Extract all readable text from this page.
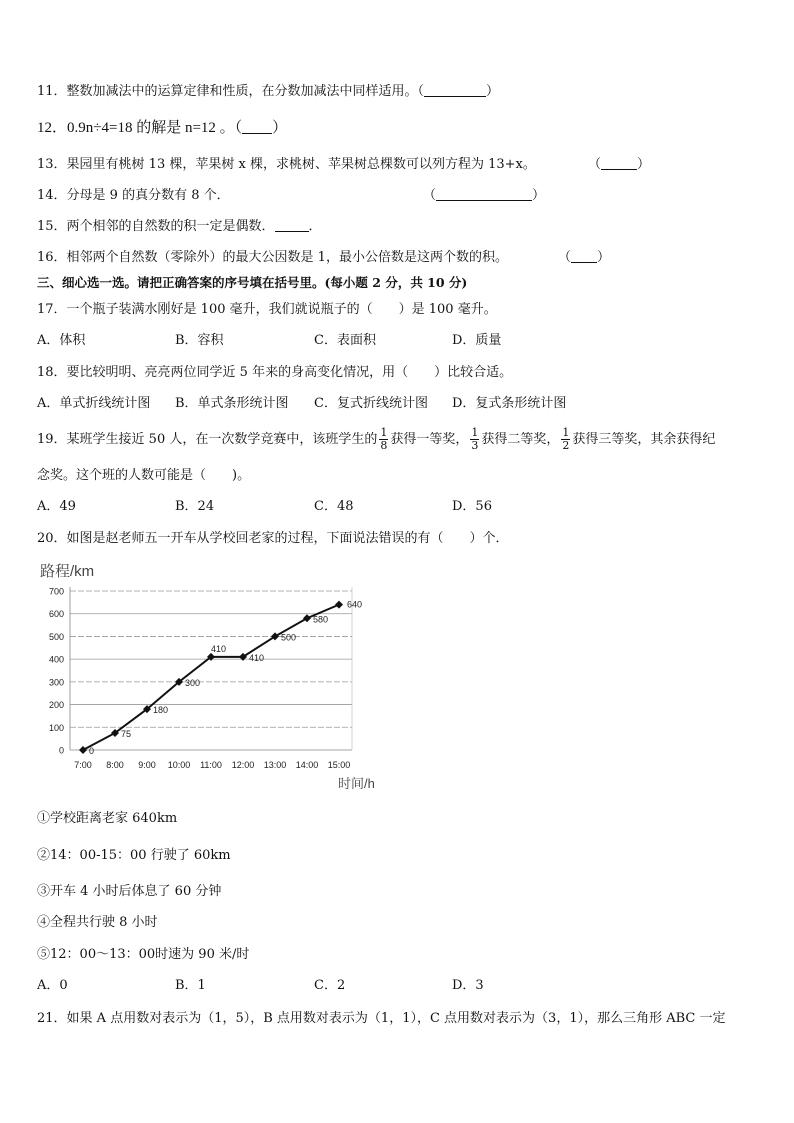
11．整数加减法中的运算定律和性质，在分数加减法中同样适用。（	）
12．0.9n÷4=18 的解是 n=12 。（ ）
13．果园里有桃树 13 棵，苹果树 x 棵，求桃树、苹果树总棵数可以列方程为 13+x。	（	）
14．分母是 9 的真分数有 8 个．	（	）
15．两个相邻的自然数的积一定是偶数．	．
16．相邻两个自然数（零除外）的最大公因数是 1，最小公倍数是这两个数的积。	（ ）
三、细心选一选。请把正确答案的序号填在括号里。(每小题 2 分，共 10 分)
17．一个瓶子装满水刚好是 100 毫升，我们就说瓶子的（　　）是 100 毫升。
A．体积	B．容积	C．表面积	D．质量
18．要比较明明、亮亮两位同学近 5 年来的身高变化情况，用（　　）比较合适。
A．单式折线统计图 B．单式条形统计图 C．复式折线统计图 D．复式条形统计图
19．某班学生接近 50 人，在一次数学竞赛中，该班学生的 $\frac{1}{8}$ 获得一等奖， $\frac{1}{3}$ 获得二等奖， $\frac{1}{2}$ 获得三等奖，其余获得纪
念奖。这个班的人数可能是（　　)。
A．49	B．24	C．48	D．56
20．如图是赵老师五一开车从学校回老家的过程，下面说法错误的有（　　）个．
0
100
200
300
400
500
600
700
7:00 8:00 9:00 10:00 11:00 12:00 13:00 14:00 15:00
路程/km
时间/h
0
75
180
300
410
410
500
580
640
①学校距离老家 640km
②14：00-15：00 行驶了 60km
③开车 4 小时后体息了 60 分钟
④全程共行驶 8 小时
⑤12：00～13：00时速为 90 米/时
A．0	B．1	C．2	D．3
21．如果 A 点用数对表示为（1，5），B 点用数对表示为（1，1），C 点用数对表示为（3，1），那么三角形 ABC 一定
